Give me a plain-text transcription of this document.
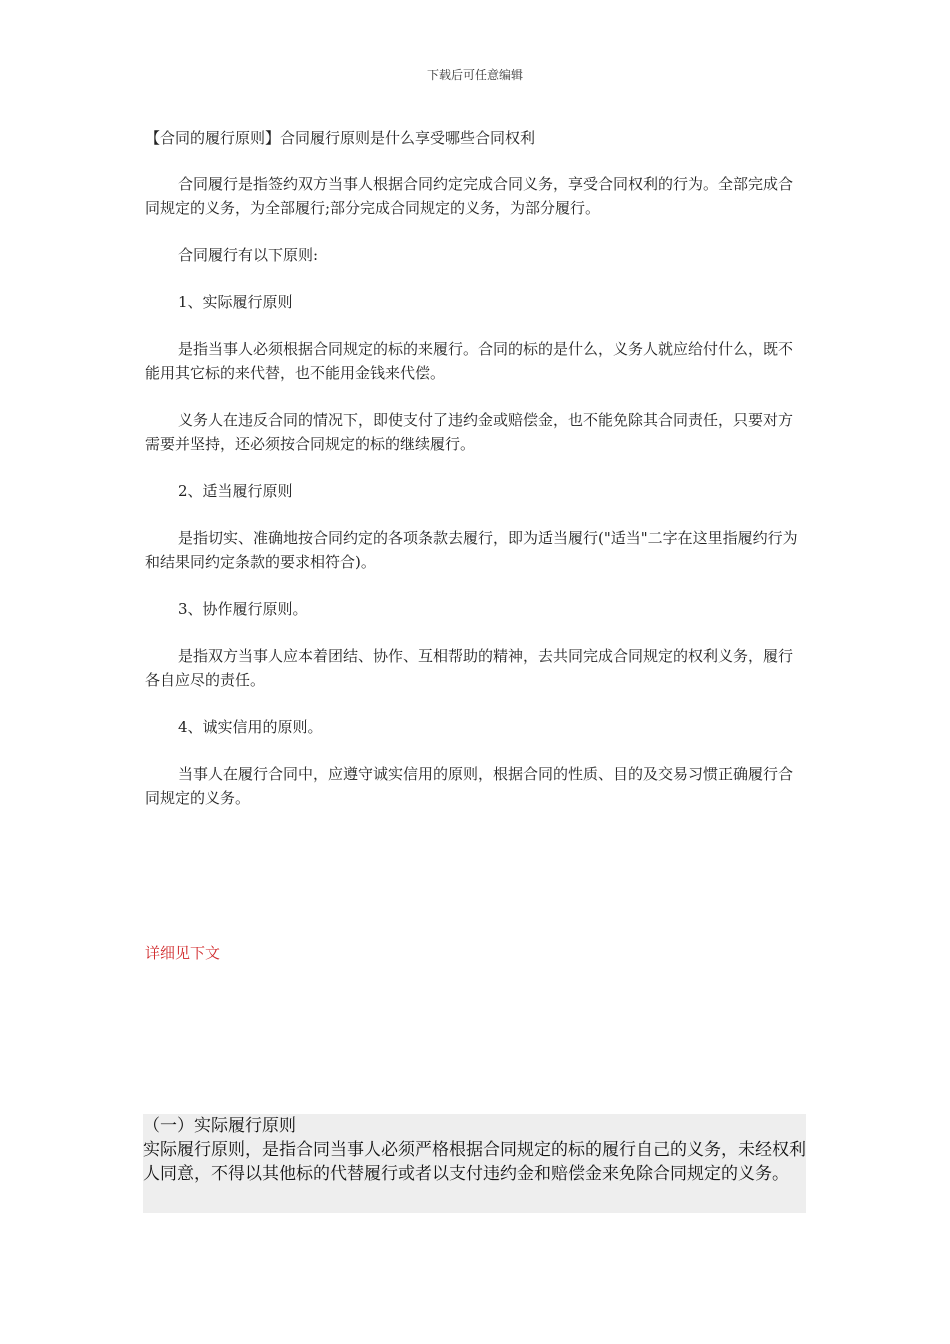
下载后可任意编辑

【合同的履行原则】合同履行原则是什么享受哪些合同权利

合同履行是指签约双方当事人根据合同约定完成合同义务，享受合同权利的行为。全部完成合同规定的义务，为全部履行;部分完成合同规定的义务，为部分履行。

合同履行有以下原则:

1、实际履行原则

是指当事人必须根据合同规定的标的来履行。合同的标的是什么，义务人就应给付什么，既不能用其它标的来代替，也不能用金钱来代偿。

义务人在违反合同的情况下，即使支付了违约金或赔偿金，也不能免除其合同责任，只要对方需要并坚持，还必须按合同规定的标的继续履行。

2、适当履行原则

是指切实、准确地按合同约定的各项条款去履行，即为适当履行("适当"二字在这里指履约行为和结果同约定条款的要求相符合)。

3、协作履行原则。

是指双方当事人应本着团结、协作、互相帮助的精神，去共同完成合同规定的权利义务，履行各自应尽的责任。

4、诚实信用的原则。

当事人在履行合同中，应遵守诚实信用的原则，根据合同的性质、目的及交易习惯正确履行合同规定的义务。

详细见下文

（一）实际履行原则

实际履行原则，是指合同当事人必须严格根据合同规定的标的履行自己的义务，未经权利人同意，不得以其他标的代替履行或者以支付违约金和赔偿金来免除合同规定的义务。
